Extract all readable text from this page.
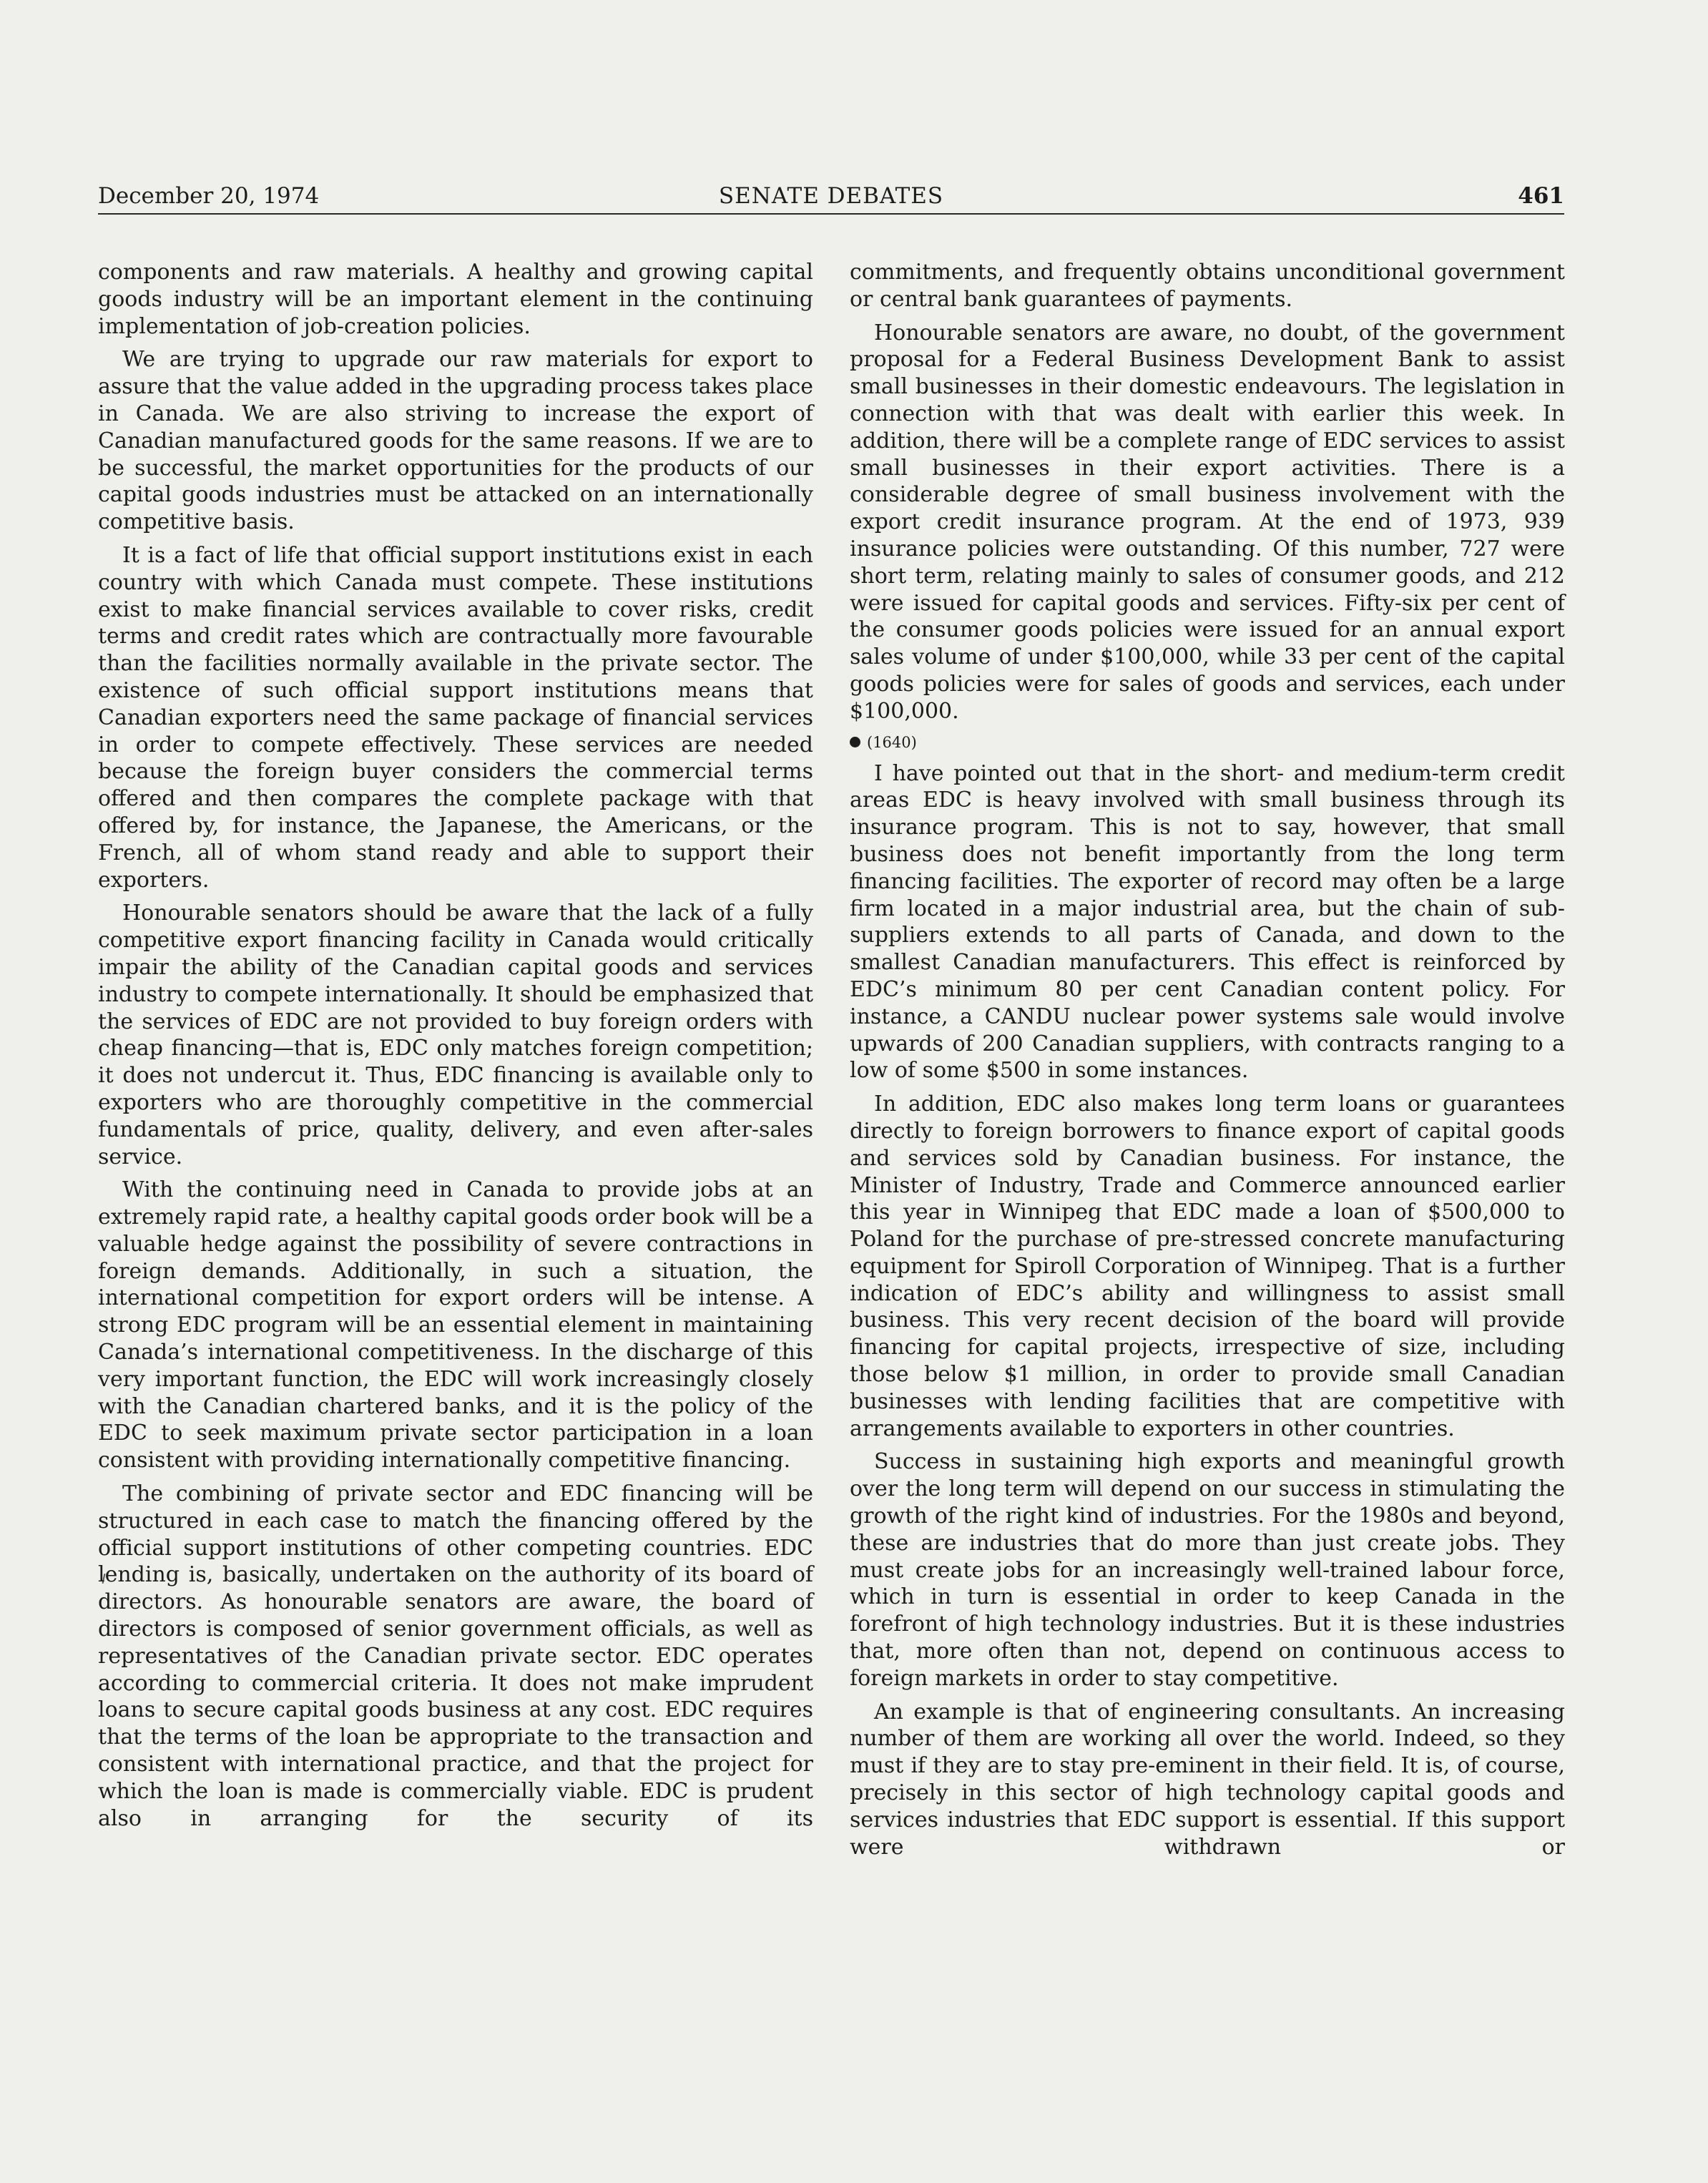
December 20, 1974	SENATE DEBATES	461

components and raw materials. A healthy and growing capital goods industry will be an important element in the continuing implementation of job-creation policies.

We are trying to upgrade our raw materials for export to assure that the value added in the upgrading process takes place in Canada. We are also striving to increase the export of Canadian manufactured goods for the same reasons. If we are to be successful, the market opportunities for the products of our capital goods industries must be attacked on an internationally competitive basis.

It is a fact of life that official support institutions exist in each country with which Canada must compete. These institutions exist to make financial services available to cover risks, credit terms and credit rates which are contractually more favourable than the facilities normally available in the private sector. The existence of such official support institutions means that Canadian exporters need the same package of financial services in order to compete effectively. These services are needed because the foreign buyer considers the commercial terms offered and then compares the complete package with that offered by, for instance, the Japanese, the Americans, or the French, all of whom stand ready and able to support their exporters.

Honourable senators should be aware that the lack of a fully competitive export financing facility in Canada would critically impair the ability of the Canadian capital goods and services industry to compete internationally. It should be emphasized that the services of EDC are not provided to buy foreign orders with cheap financing—that is, EDC only matches foreign competition; it does not undercut it. Thus, EDC financing is available only to exporters who are thoroughly competitive in the commercial fundamentals of price, quality, delivery, and even after-sales service.

With the continuing need in Canada to provide jobs at an extremely rapid rate, a healthy capital goods order book will be a valuable hedge against the possibility of severe contractions in foreign demands. Additionally, in such a situation, the international competition for export orders will be intense. A strong EDC program will be an essential element in maintaining Canada’s international competitiveness. In the discharge of this very important function, the EDC will work increasingly closely with the Canadian chartered banks, and it is the policy of the EDC to seek maximum private sector participation in a loan consistent with providing internationally competitive financing.

The combining of private sector and EDC financing will be structured in each case to match the financing offered by the official support institutions of other competing countries. EDC lending is, basically, undertaken on the authority of its board of directors. As honourable senators are aware, the board of directors is composed of senior government officials, as well as representatives of the Canadian private sector. EDC operates according to commercial criteria. It does not make imprudent loans to secure capital goods business at any cost. EDC requires that the terms of the loan be appropriate to the transaction and consistent with international practice, and that the project for which the loan is made is commercially viable. EDC is prudent also in arranging for the security of its

commitments, and frequently obtains unconditional government or central bank guarantees of payments.

Honourable senators are aware, no doubt, of the government proposal for a Federal Business Development Bank to assist small businesses in their domestic endeavours. The legislation in connection with that was dealt with earlier this week. In addition, there will be a complete range of EDC services to assist small businesses in their export activities. There is a considerable degree of small business involvement with the export credit insurance program. At the end of 1973, 939 insurance policies were outstanding. Of this number, 727 were short term, relating mainly to sales of consumer goods, and 212 were issued for capital goods and services. Fifty-six per cent of the consumer goods policies were issued for an annual export sales volume of under $100,000, while 33 per cent of the capital goods policies were for sales of goods and services, each under $100,000.

(1640)

I have pointed out that in the short- and medium-term credit areas EDC is heavy involved with small business through its insurance program. This is not to say, however, that small business does not benefit importantly from the long term financing facilities. The exporter of record may often be a large firm located in a major industrial area, but the chain of sub-suppliers extends to all parts of Canada, and down to the smallest Canadian manufacturers. This effect is reinforced by EDC’s minimum 80 per cent Canadian content policy. For instance, a CANDU nuclear power systems sale would involve upwards of 200 Canadian suppliers, with contracts ranging to a low of some $500 in some instances.

In addition, EDC also makes long term loans or guarantees directly to foreign borrowers to finance export of capital goods and services sold by Canadian business. For instance, the Minister of Industry, Trade and Commerce announced earlier this year in Winnipeg that EDC made a loan of $500,000 to Poland for the purchase of pre-stressed concrete manufacturing equipment for Spiroll Corporation of Winnipeg. That is a further indication of EDC’s ability and willingness to assist small business. This very recent decision of the board will provide financing for capital projects, irrespective of size, including those below $1 million, in order to provide small Canadian businesses with lending facilities that are competitive with arrangements available to exporters in other countries.

Success in sustaining high exports and meaningful growth over the long term will depend on our success in stimulating the growth of the right kind of industries. For the 1980s and beyond, these are industries that do more than just create jobs. They must create jobs for an increasingly well-trained labour force, which in turn is essential in order to keep Canada in the forefront of high technology industries. But it is these industries that, more often than not, depend on continuous access to foreign markets in order to stay competitive.

An example is that of engineering consultants. An increasing number of them are working all over the world. Indeed, so they must if they are to stay pre-eminent in their field. It is, of course, precisely in this sector of high technology capital goods and services industries that EDC support is essential. If this support were withdrawn or
